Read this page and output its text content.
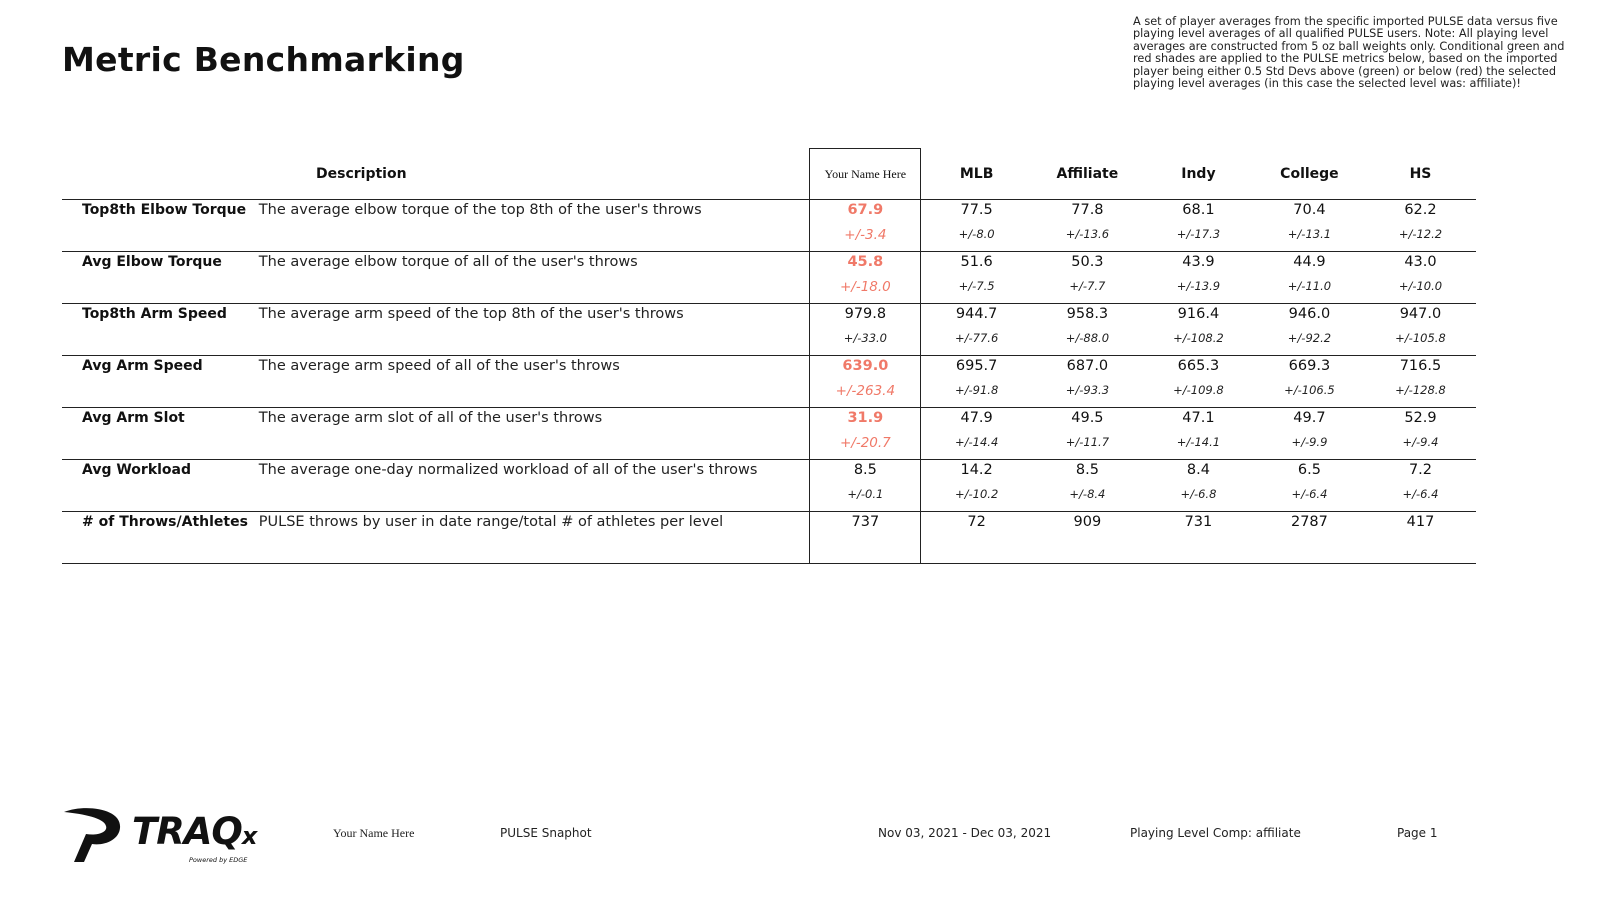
Metric Benchmarking
A set of player averages from the specific imported PULSE data versus five playing level averages of all qualified PULSE users. Note: All playing level averages are constructed from 5 oz ball weights only. Conditional green and red shades are applied to the PULSE metrics below, based on the imported player being either 0.5 Std Devs above (green) or below (red) the selected playing level averages (in this case the selected level was: affiliate)!
Description		Your Name Here	MLB	Affiliate	Indy	College	HS
Top8th Elbow Torque	The average elbow torque of the top 8th of the user's throws	67.9	77.5	77.8	68.1	70.4	62.2
		+/-3.4	+/-8.0	+/-13.6	+/-17.3	+/-13.1	+/-12.2
Avg Elbow Torque	The average elbow torque of all of the user's throws	45.8	51.6	50.3	43.9	44.9	43.0
		+/-18.0	+/-7.5	+/-7.7	+/-13.9	+/-11.0	+/-10.0
Top8th Arm Speed	The average arm speed of the top 8th of the user's throws	979.8	944.7	958.3	916.4	946.0	947.0
		+/-33.0	+/-77.6	+/-88.0	+/-108.2	+/-92.2	+/-105.8
Avg Arm Speed	The average arm speed of all of the user's throws	639.0	695.7	687.0	665.3	669.3	716.5
		+/-263.4	+/-91.8	+/-93.3	+/-109.8	+/-106.5	+/-128.8
Avg Arm Slot	The average arm slot of all of the user's throws	31.9	47.9	49.5	47.1	49.7	52.9
		+/-20.7	+/-14.4	+/-11.7	+/-14.1	+/-9.9	+/-9.4
Avg Workload	The average one-day normalized workload of all of the user's throws	8.5	14.2	8.5	8.4	6.5	7.2
		+/-0.1	+/-10.2	+/-8.4	+/-6.8	+/-6.4	+/-6.4
# of Throws/Athletes	PULSE throws by user in date range/total # of athletes per level	737	72	909	731	2787	417

TRAQx
Powered by EDGE
Your Name Here	PULSE Snaphot	Nov 03, 2021 - Dec 03, 2021	Playing Level Comp: affiliate	Page 1
